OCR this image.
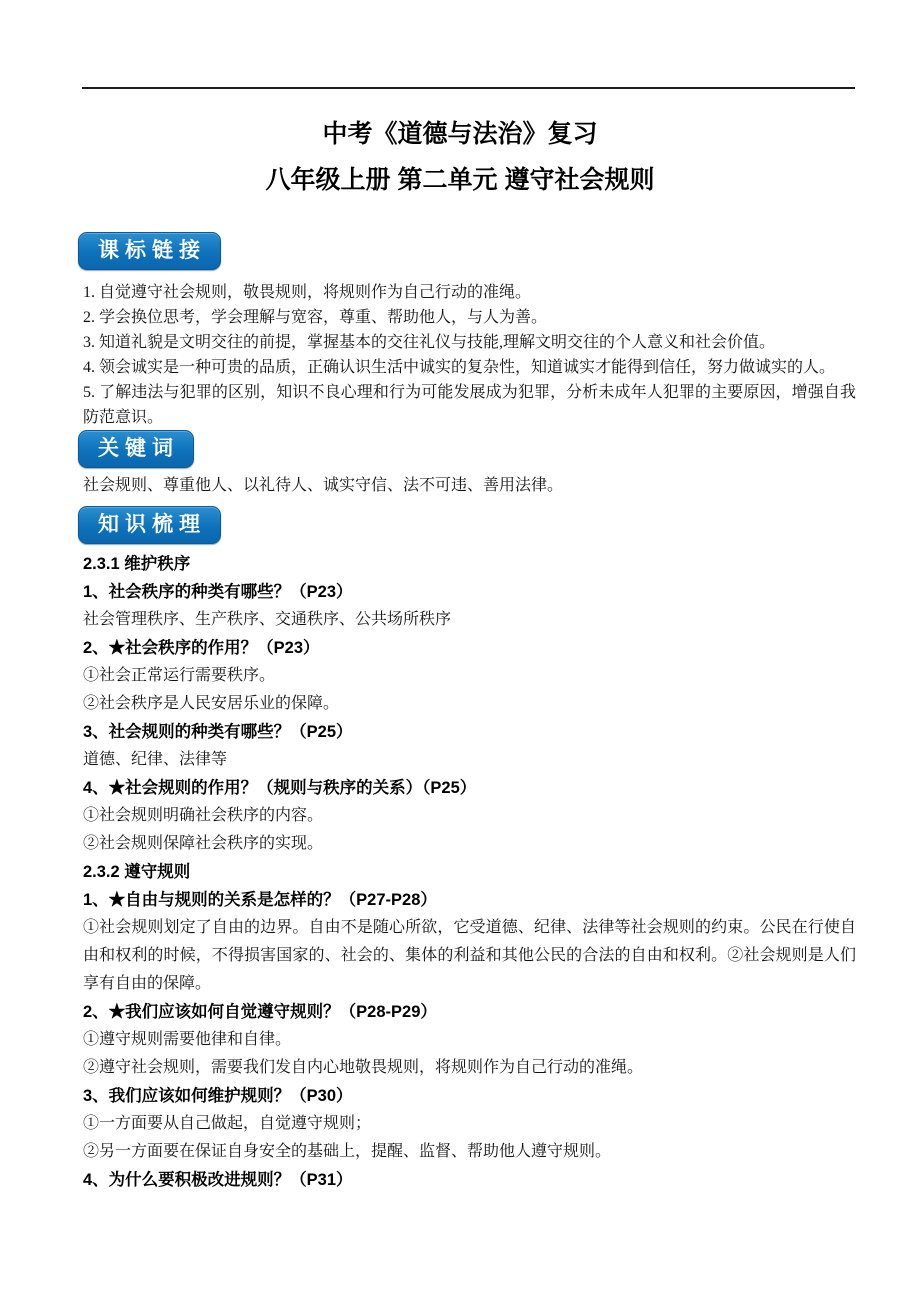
中考《道德与法治》复习
八年级上册 第二单元 遵守社会规则
课标链接

1. 自觉遵守社会规则，敬畏规则，将规则作为自己行动的准绳。

2. 学会换位思考，学会理解与宽容，尊重、帮助他人，与人为善。

3. 知道礼貌是文明交往的前提，掌握基本的交往礼仪与技能,理解文明交往的个人意义和社会价值。

4. 领会诚实是一种可贵的品质，正确认识生活中诚实的复杂性，知道诚实才能得到信任，努力做诚实的人。

5. 了解违法与犯罪的区别，知识不良心理和行为可能发展成为犯罪，分析未成年人犯罪的主要原因，增强自我防范意识。

关键词

社会规则、尊重他人、以礼待人、诚实守信、法不可违、善用法律。

知识梳理

2.3.1 维护秩序

1、社会秩序的种类有哪些？（P23）

社会管理秩序、生产秩序、交通秩序、公共场所秩序

2、★社会秩序的作用？（P23）

①社会正常运行需要秩序。

②社会秩序是人民安居乐业的保障。

3、社会规则的种类有哪些？（P25）

道德、纪律、法律等

4、★社会规则的作用？（规则与秩序的关系）（P25）

①社会规则明确社会秩序的内容。

②社会规则保障社会秩序的实现。

2.3.2 遵守规则

1、★自由与规则的关系是怎样的？（P27-P28）

①社会规则划定了自由的边界。自由不是随心所欲，它受道德、纪律、法律等社会规则的约束。公民在行使自由和权利的时候，不得损害国家的、社会的、集体的利益和其他公民的合法的自由和权利。②社会规则是人们享有自由的保障。

2、★我们应该如何自觉遵守规则？（P28-P29）

①遵守规则需要他律和自律。

②遵守社会规则，需要我们发自内心地敬畏规则，将规则作为自己行动的准绳。

3、我们应该如何维护规则？（P30）

①一方面要从自己做起，自觉遵守规则；

②另一方面要在保证自身安全的基础上，提醒、监督、帮助他人遵守规则。

4、为什么要积极改进规则？（P31）
